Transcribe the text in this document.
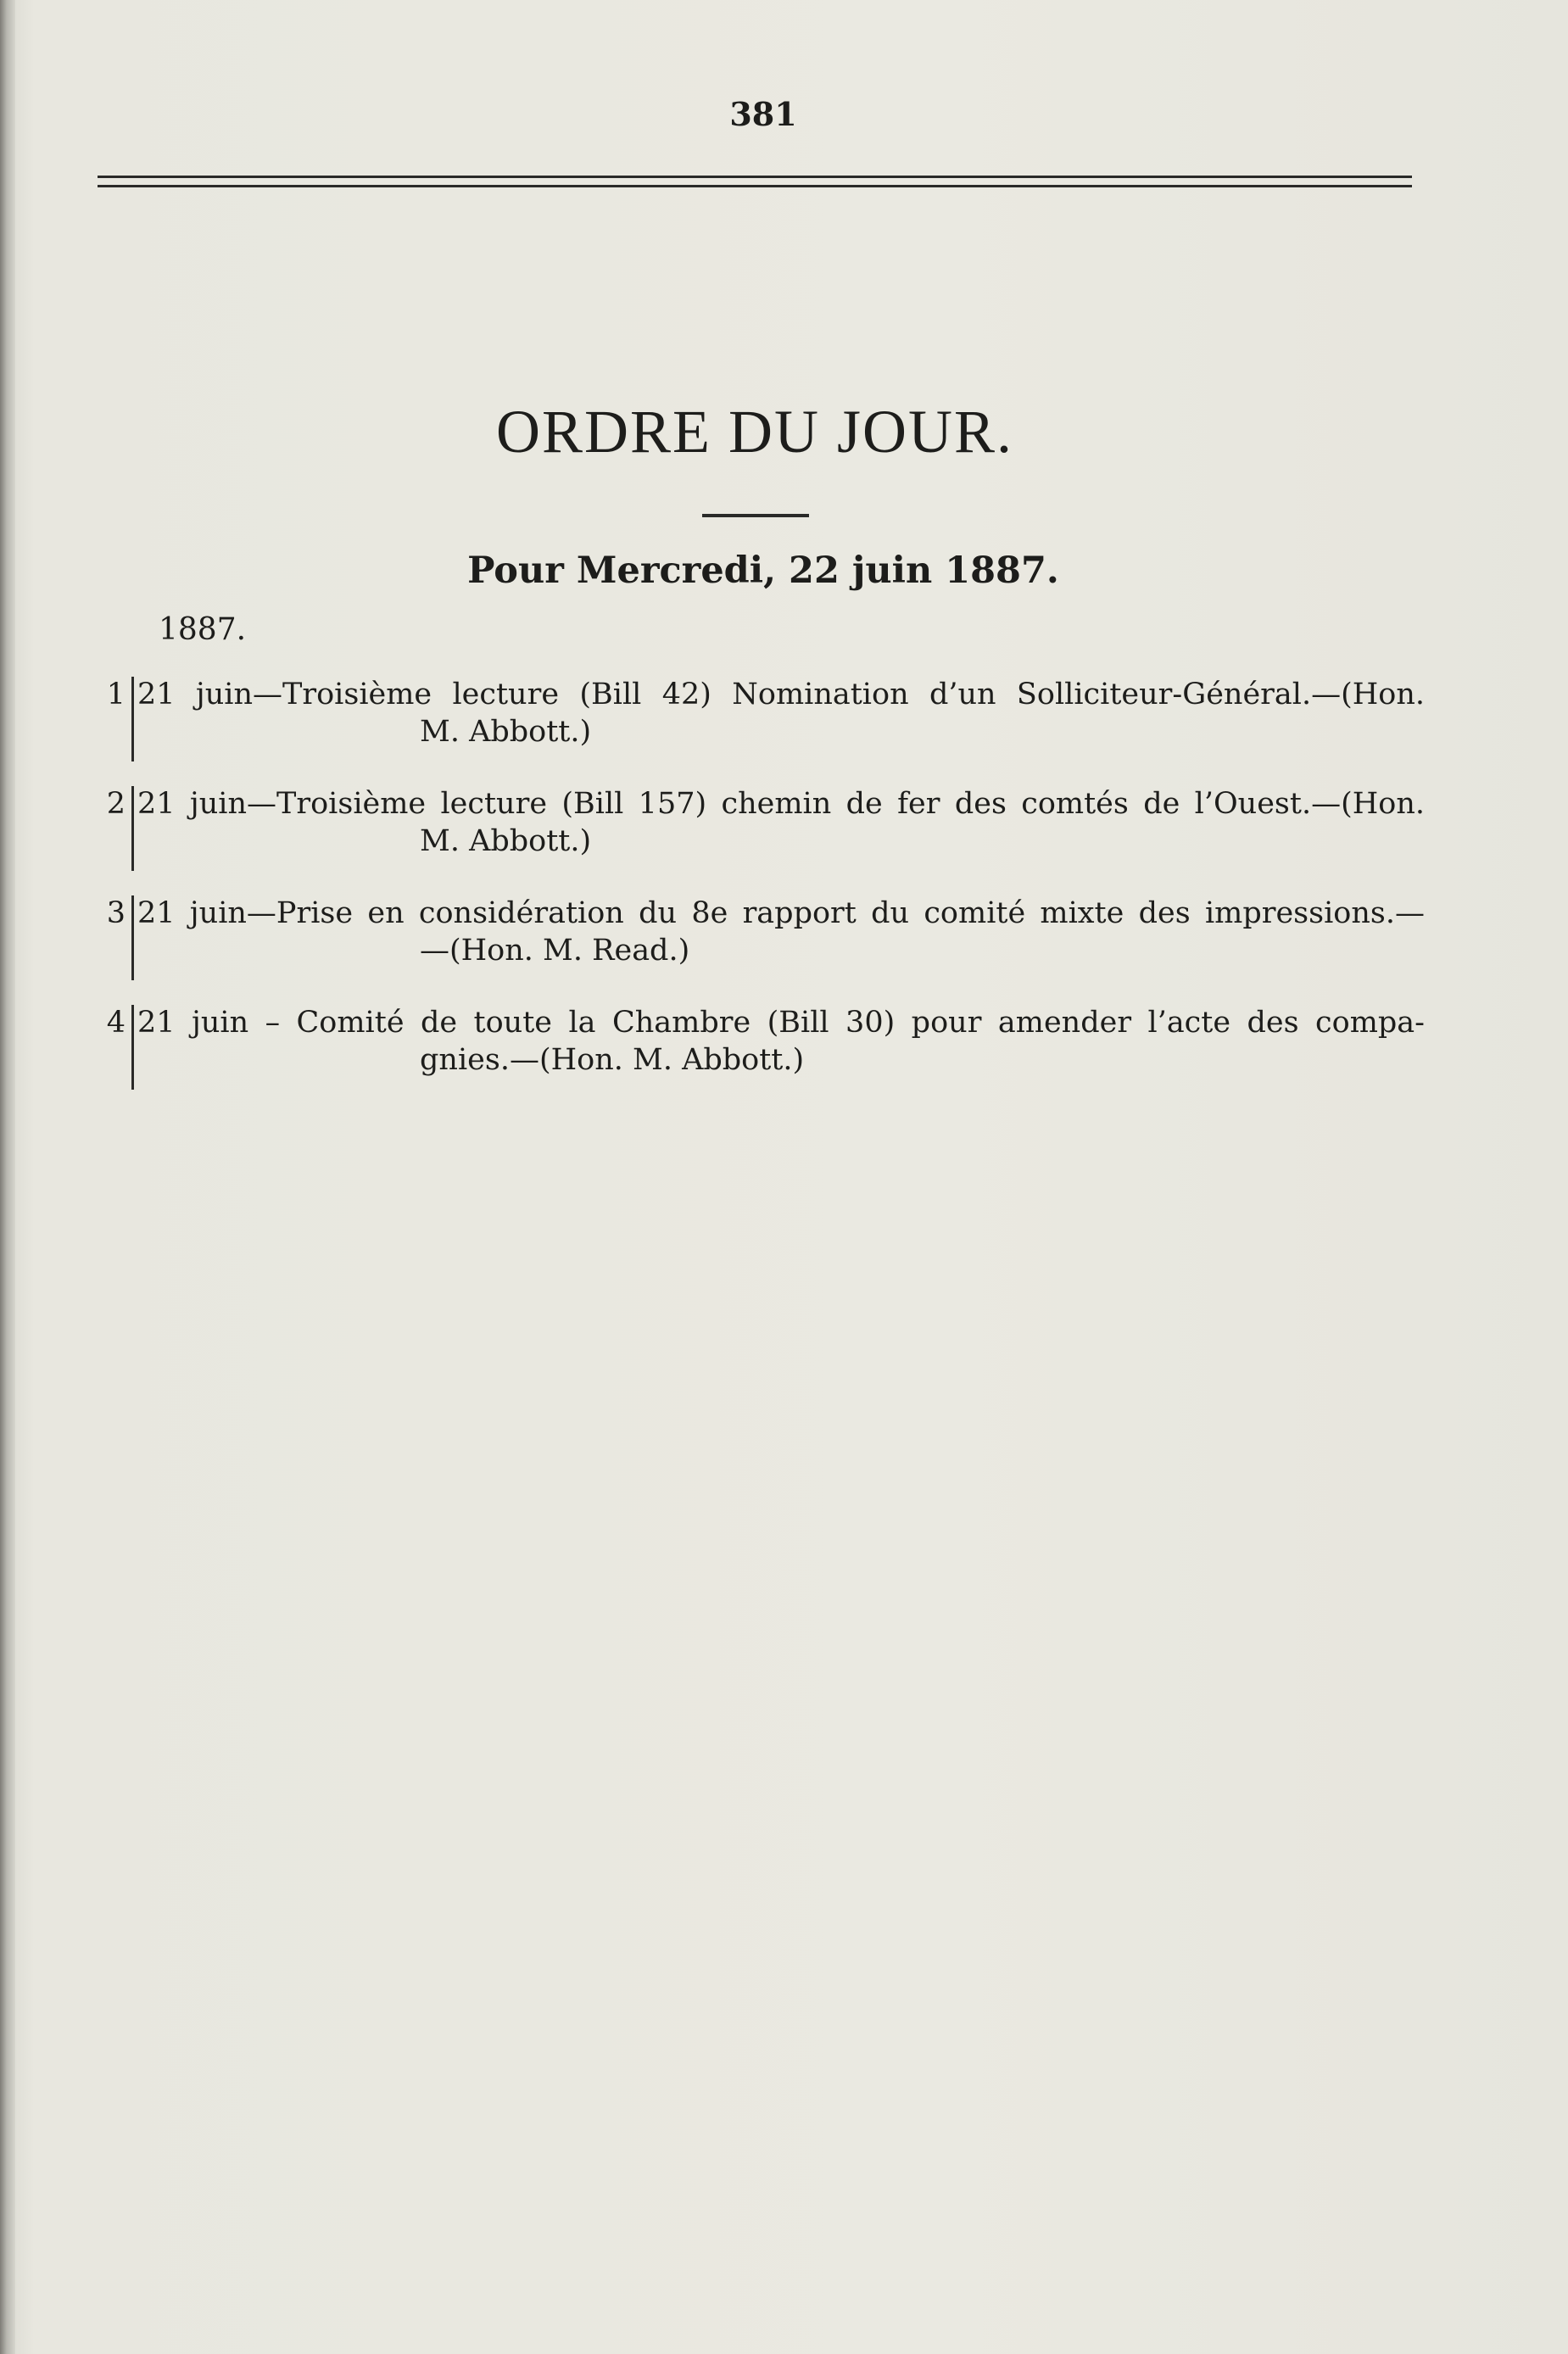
381
ORDRE DU JOUR.
Pour Mercredi, 22 juin 1887.
1887.
1 21 juin—Troisième lecture (Bill 42) Nomination d’un Solliciteur-Général.—(Hon.
M. Abbott.)
2 21 juin—Troisième lecture (Bill 157) chemin de fer des comtés de l’Ouest.—(Hon.
M. Abbott.)
3 21 juin—Prise en considération du 8e rapport du comité mixte des impressions.—
—(Hon. M. Read.)
4 21 juin – Comité de toute la Chambre (Bill 30) pour amender l’acte des compa-
gnies.—(Hon. M. Abbott.)
